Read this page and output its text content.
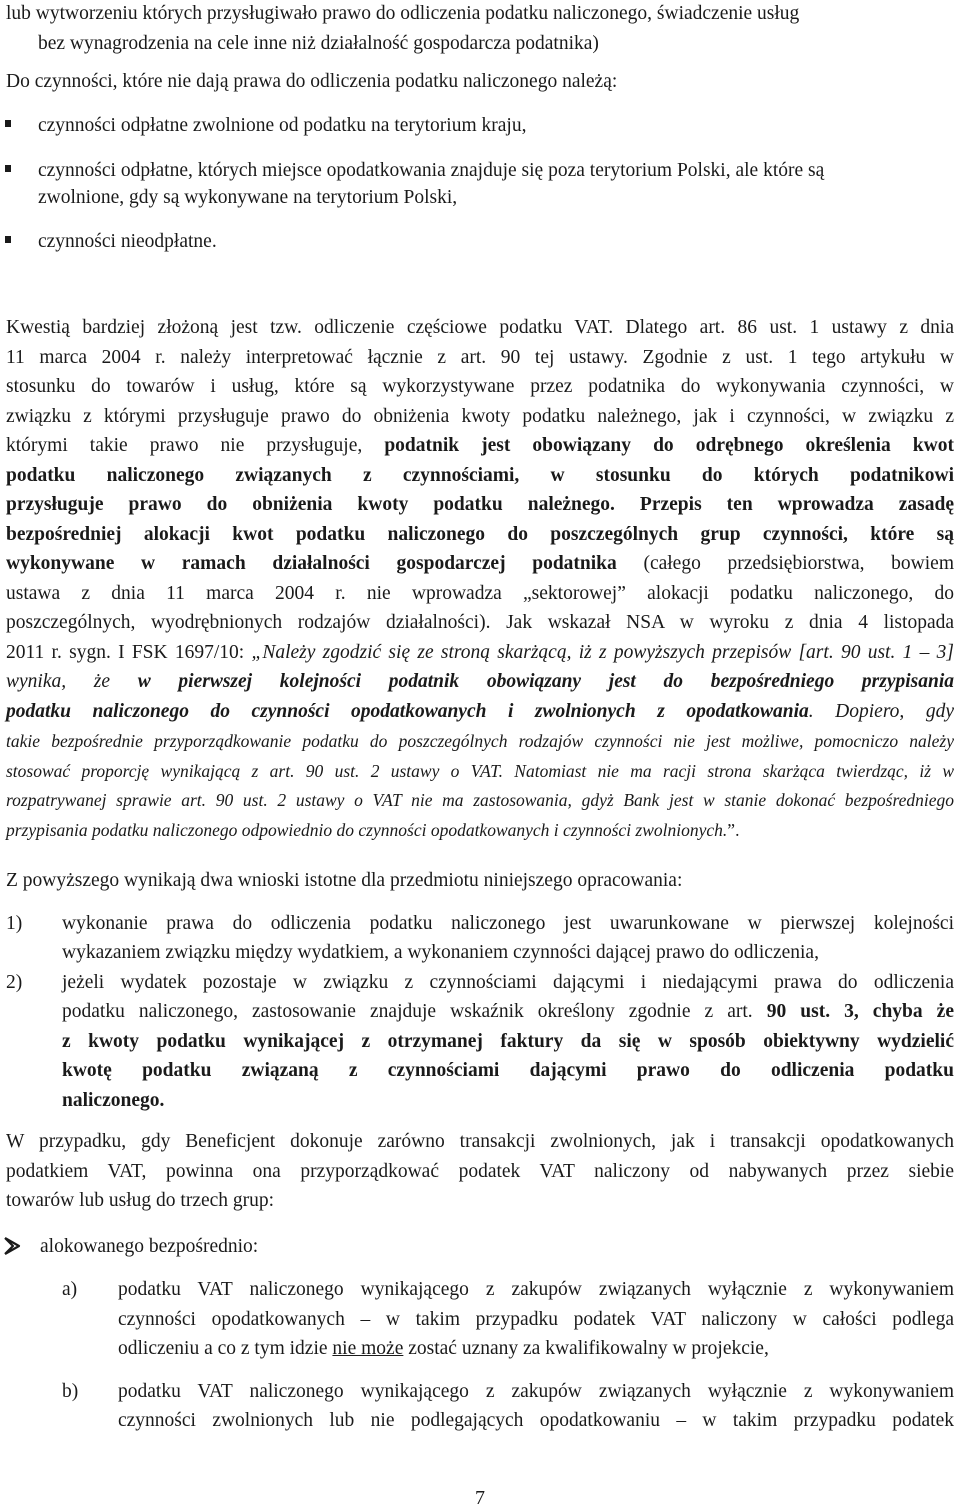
lub wytworzeniu których przysługiwało prawo do odliczenia podatku naliczonego, świadczenie usług
bez wynagrodzenia na cele inne niż działalność gospodarcza podatnika)
Do czynności, które nie dają prawa do odliczenia podatku naliczonego należą:
czynności odpłatne zwolnione od podatku na terytorium kraju,
czynności odpłatne, których miejsce opodatkowania znajduje się poza terytorium Polski, ale które są
zwolnione, gdy są wykonywane na terytorium Polski,
czynności nieodpłatne.
Kwestią bardziej złożoną jest tzw. odliczenie częściowe podatku VAT. Dlatego art. 86 ust. 1 ustawy z dnia
11 marca 2004 r. należy interpretować łącznie z art. 90 tej ustawy. Zgodnie z ust. 1 tego artykułu w
stosunku do towarów i usług, które są wykorzystywane przez podatnika do wykonywania czynności, w
związku z którymi przysługuje prawo do obniżenia kwoty podatku należnego, jak i czynności, w związku z
którymi takie prawo nie przysługuje, podatnik jest obowiązany do odrębnego określenia kwot
podatku naliczonego związanych z czynnościami, w stosunku do których podatnikowi
przysługuje prawo do obniżenia kwoty podatku należnego. Przepis ten wprowadza zasadę
bezpośredniej alokacji kwot podatku naliczonego do poszczególnych grup czynności, które są
wykonywane w ramach działalności gospodarczej podatnika (całego przedsiębiorstwa, bowiem
ustawa z dnia 11 marca 2004 r. nie wprowadza „sektorowej” alokacji podatku naliczonego, do
poszczególnych, wyodrębnionych rodzajów działalności). Jak wskazał NSA w wyroku z dnia 4 listopada
2011 r. sygn. I FSK 1697/10: „Należy zgodzić się ze stroną skarżącą, iż z powyższych przepisów [art. 90 ust. 1 – 3]
wynika, że w pierwszej kolejności podatnik obowiązany jest do bezpośredniego przypisania
podatku naliczonego do czynności opodatkowanych i zwolnionych z opodatkowania. Dopiero, gdy
takie bezpośrednie przyporządkowanie podatku do poszczególnych rodzajów czynności nie jest możliwe, pomocniczo należy
stosować proporcję wynikającą z art. 90 ust. 2 ustawy o VAT. Natomiast nie ma racji strona skarżąca twierdząc, iż w
rozpatrywanej sprawie art. 90 ust. 2 ustawy o VAT nie ma zastosowania, gdyż Bank jest w stanie dokonać bezpośredniego
przypisania podatku naliczonego odpowiednio do czynności opodatkowanych i czynności zwolnionych.”.
Z powyższego wynikają dwa wnioski istotne dla przedmiotu niniejszego opracowania:
1) wykonanie prawa do odliczenia podatku naliczonego jest uwarunkowane w pierwszej kolejności
wykazaniem związku między wydatkiem, a wykonaniem czynności dającej prawo do odliczenia,
2) jeżeli wydatek pozostaje w związku z czynnościami dającymi i niedającymi prawa do odliczenia
podatku naliczonego, zastosowanie znajduje wskaźnik określony zgodnie z art. 90 ust. 3, chyba że
z kwoty podatku wynikającej z otrzymanej faktury da się w sposób obiektywny wydzielić
kwotę podatku związaną z czynnościami dającymi prawo do odliczenia podatku
naliczonego.
W przypadku, gdy Beneficjent dokonuje zarówno transakcji zwolnionych, jak i transakcji opodatkowanych
podatkiem VAT, powinna ona przyporządkować podatek VAT naliczony od nabywanych przez siebie
towarów lub usług do trzech grup:
alokowanego bezpośrednio:
a) podatku VAT naliczonego wynikającego z zakupów związanych wyłącznie z wykonywaniem
czynności opodatkowanych – w takim przypadku podatek VAT naliczony w całości podlega
odliczeniu a co z tym idzie nie może zostać uznany za kwalifikowalny w projekcie,
b) podatku VAT naliczonego wynikającego z zakupów związanych wyłącznie z wykonywaniem
czynności zwolnionych lub nie podlegających opodatkowaniu – w takim przypadku podatek
7
